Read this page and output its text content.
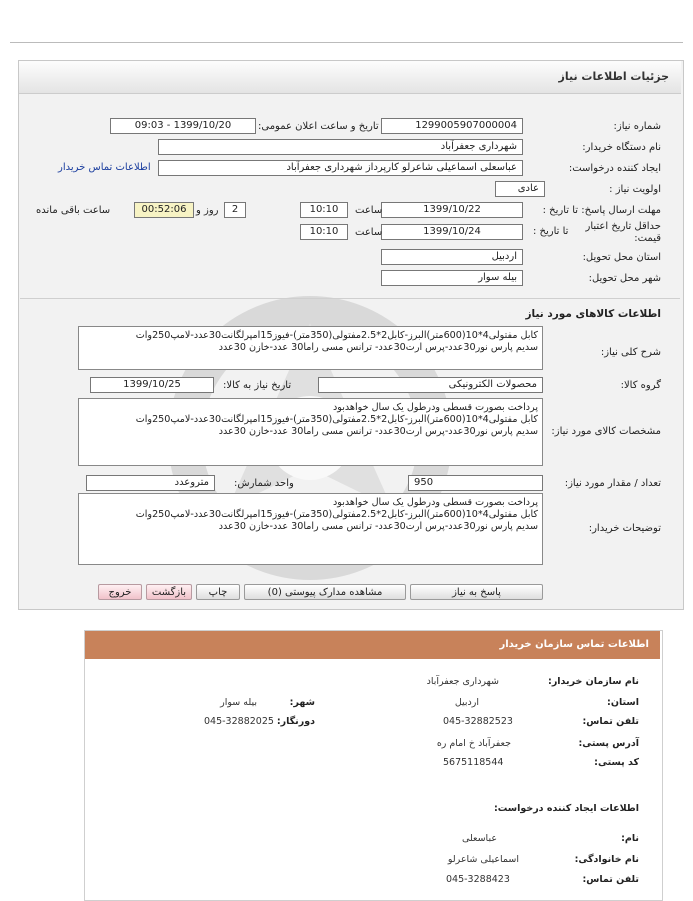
جزئیات اطلاعات نیاز
شماره نیاز:
1299005907000004
تاریخ و ساعت اعلان عمومی:
1399/10/20 - 09:03
نام دستگاه خریدار:
شهرداری جعفرآباد
ایجاد کننده درخواست:
عباسعلی اسماعیلی شاعرلو کارپرداز شهرداری جعفرآباد
اطلاعات تماس خریدار
اولویت نیاز :
عادی
مهلت ارسال پاسخ: تا تاریخ :
1399/10/22
ساعت
10:10
2
روز و
00:52:06
ساعت باقی مانده
حداقل تاریخ اعتبار قیمت:
تا تاریخ :
1399/10/24
ساعت
10:10
استان محل تحویل:
اردبیل
شهر محل تحویل:
بیله سوار
اطلاعات کالاهای مورد نیاز
شرح کلی نیاز:
کابل مفتولی4*10(600متر)البرز-کابل2*2.5مفتولی(350متر)-فیوز15امپرلگانت30عدد-لامپ250وات
سدیم پارس نور30عدد-پرس ارت30عدد- ترانس مسی راما30 عدد-خازن 30عدد
گروه کالا:
محصولات الکترونیکی
تاریخ نیاز به کالا:
1399/10/25
مشخصات کالای مورد نیاز:
پرداخت بصورت قسطی ودرطول یک سال خواهدبود
کابل مفتولی4*10(600متر)البرز-کابل2*2.5مفتولی(350متر)-فیوز15امپرلگانت30عدد-لامپ250وات
سدیم پارس نور30عدد-پرس ارت30عدد- ترانس مسی راما30 عدد-خازن 30عدد
تعداد / مقدار مورد نیاز:
950
واحد شمارش:
متروعدد
توضیحات خریدار:
پرداخت بصورت قسطی ودرطول یک سال خواهدبود
کابل مفتولی4*10(600متر)البرز-کابل2*2.5مفتولی(350متر)-فیوز15امپرلگانت30عدد-لامپ250وات
سدیم پارس نور30عدد-پرس ارت30عدد- ترانس مسی راما30 عدد-خازن 30عدد
پاسخ به نیاز
مشاهده مدارک پیوستی (0)
چاپ
بازگشت
خروج
اطلاعات تماس سازمان خریدار
نام سازمان خریدار:
شهرداری جعفرآباد
استان:
اردبیل
تلفن تماس:
045-32882523
شهر:
بیله سوار
دورنگار:
045-32882025
آدرس پستی:
جعفرآباد خ امام ره
کد پستی:
5675118544
اطلاعات ایجاد کننده درخواست:
نام:
عباسعلی
نام خانوادگی:
اسماعیلی شاعرلو
تلفن تماس:
045-3288423
